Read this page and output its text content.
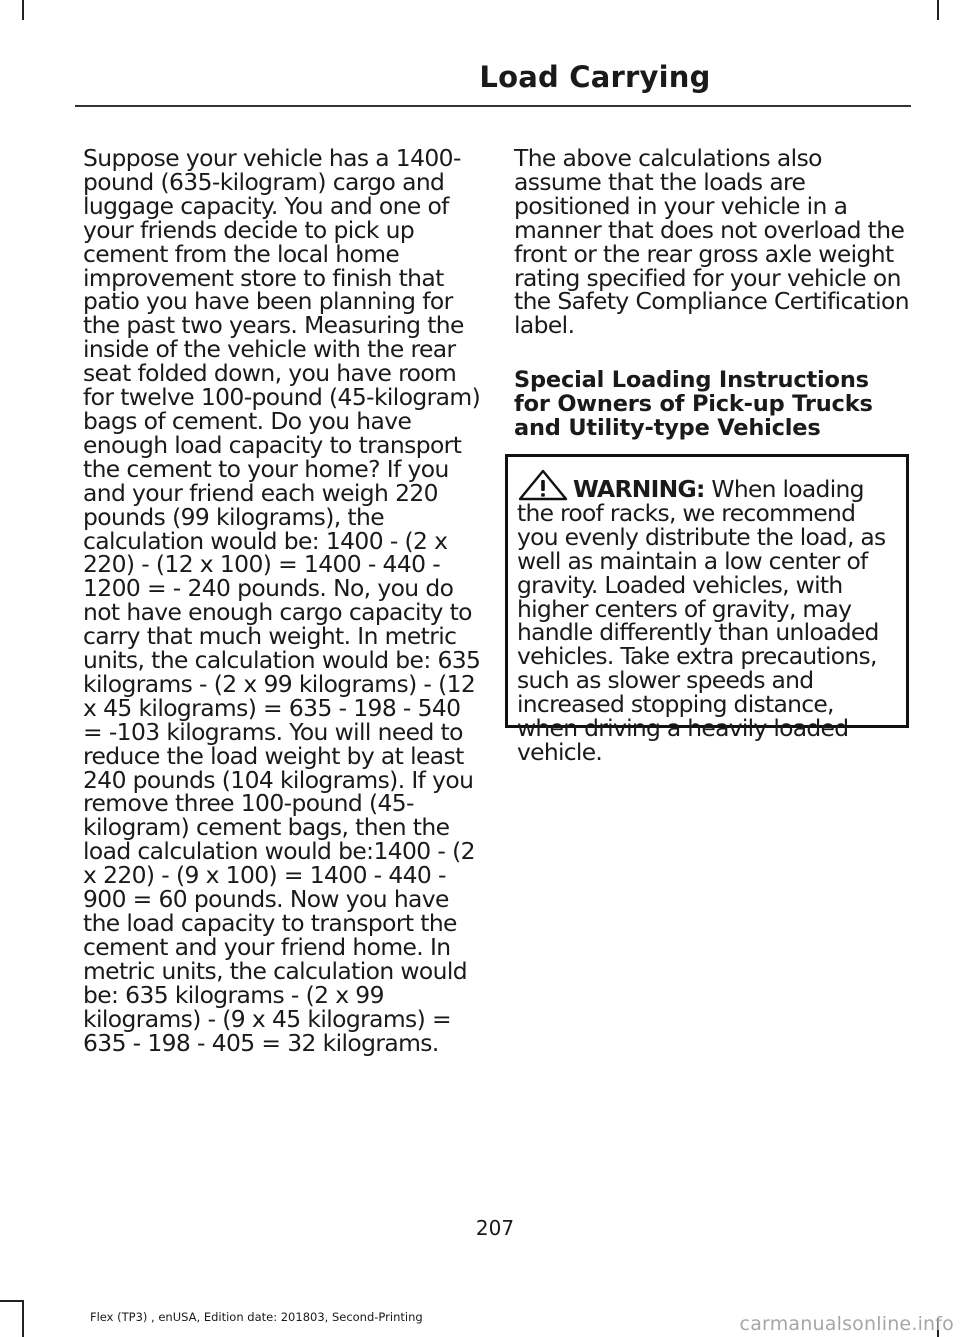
Load Carrying

Suppose your vehicle has a 1400-pound (635-kilogram) cargo and luggage capacity. You and one of your friends decide to pick up cement from the local home improvement store to finish that patio you have been planning for the past two years. Measuring the inside of the vehicle with the rear seat folded down, you have room for twelve 100-pound (45-kilogram) bags of cement. Do you have enough load capacity to transport the cement to your home? If you and your friend each weigh 220 pounds (99 kilograms), the calculation would be: 1400 - (2 x 220) - (12 x 100) = 1400 - 440 - 1200 = - 240 pounds. No, you do not have enough cargo capacity to carry that much weight. In metric units, the calculation would be: 635 kilograms - (2 x 99 kilograms) - (12 x 45 kilograms) = 635 - 198 - 540 = -103 kilograms. You will need to reduce the load weight by at least 240 pounds (104 kilograms). If you remove three 100-pound (45-kilogram) cement bags, then the load calculation would be:1400 - (2 x 220) - (9 x 100) = 1400 - 440 - 900 = 60 pounds. Now you have the load capacity to transport the cement and your friend home. In metric units, the calculation would be: 635 kilograms - (2 x 99 kilograms) - (9 x 45 kilograms) = 635 - 198 - 405 = 32 kilograms.

The above calculations also assume that the loads are positioned in your vehicle in a manner that does not overload the front or the rear gross axle weight rating specified for your vehicle on the Safety Compliance Certification label.

Special Loading Instructions for Owners of Pick-up Trucks and Utility-type Vehicles
WARNING: When loading the roof racks, we recommend you evenly distribute the load, as well as maintain a low center of gravity. Loaded vehicles, with higher centers of gravity, may handle differently than unloaded vehicles. Take extra precautions, such as slower speeds and increased stopping distance, when driving a heavily loaded vehicle.

207

Flex (TP3) , enUSA, Edition date: 201803, Second-Printing	carmanualsonline.info
